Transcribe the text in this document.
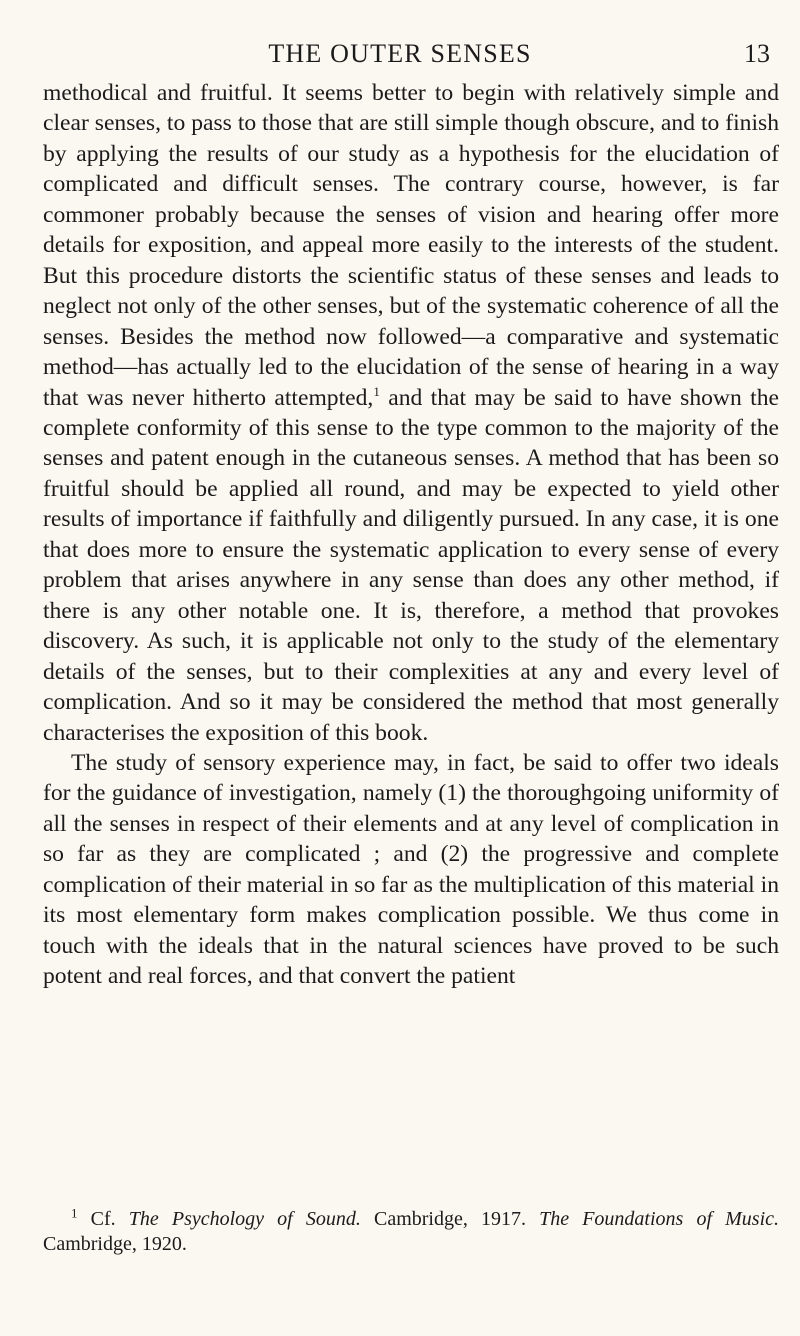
THE OUTER SENSES	13

methodical and fruitful. It seems better to begin with relatively simple and clear senses, to pass to those that are still simple though obscure, and to finish by applying the results of our study as a hypothesis for the elucidation of complicated and difficult senses. The contrary course, however, is far commoner probably because the senses of vision and hearing offer more details for exposition, and appeal more easily to the interests of the student. But this procedure distorts the scientific status of these senses and leads to neglect not only of the other senses, but of the systematic coherence of all the senses. Besides the method now followed—a comparative and systematic method—has actually led to the elucidation of the sense of hearing in a way that was never hitherto attempted,$^1$ and that may be said to have shown the complete conformity of this sense to the type common to the majority of the senses and patent enough in the cutaneous senses. A method that has been so fruitful should be applied all round, and may be expected to yield other results of importance if faithfully and diligently pursued. In any case, it is one that does more to ensure the systematic application to every sense of every problem that arises anywhere in any sense than does any other method, if there is any other notable one. It is, therefore, a method that provokes discovery. As such, it is applicable not only to the study of the elementary details of the senses, but to their complexities at any and every level of complication. And so it may be considered the method that most generally characterises the exposition of this book.

The study of sensory experience may, in fact, be said to offer two ideals for the guidance of investigation, namely (1) the thoroughgoing uniformity of all the senses in respect of their elements and at any level of complication in so far as they are complicated ; and (2) the progressive and complete complication of their material in so far as the multiplication of this material in its most elementary form makes complication possible. We thus come in touch with the ideals that in the natural sciences have proved to be such potent and real forces, and that convert the patient

$^1$ Cf. The Psychology of Sound. Cambridge, 1917. The Foundations of Music. Cambridge, 1920.
